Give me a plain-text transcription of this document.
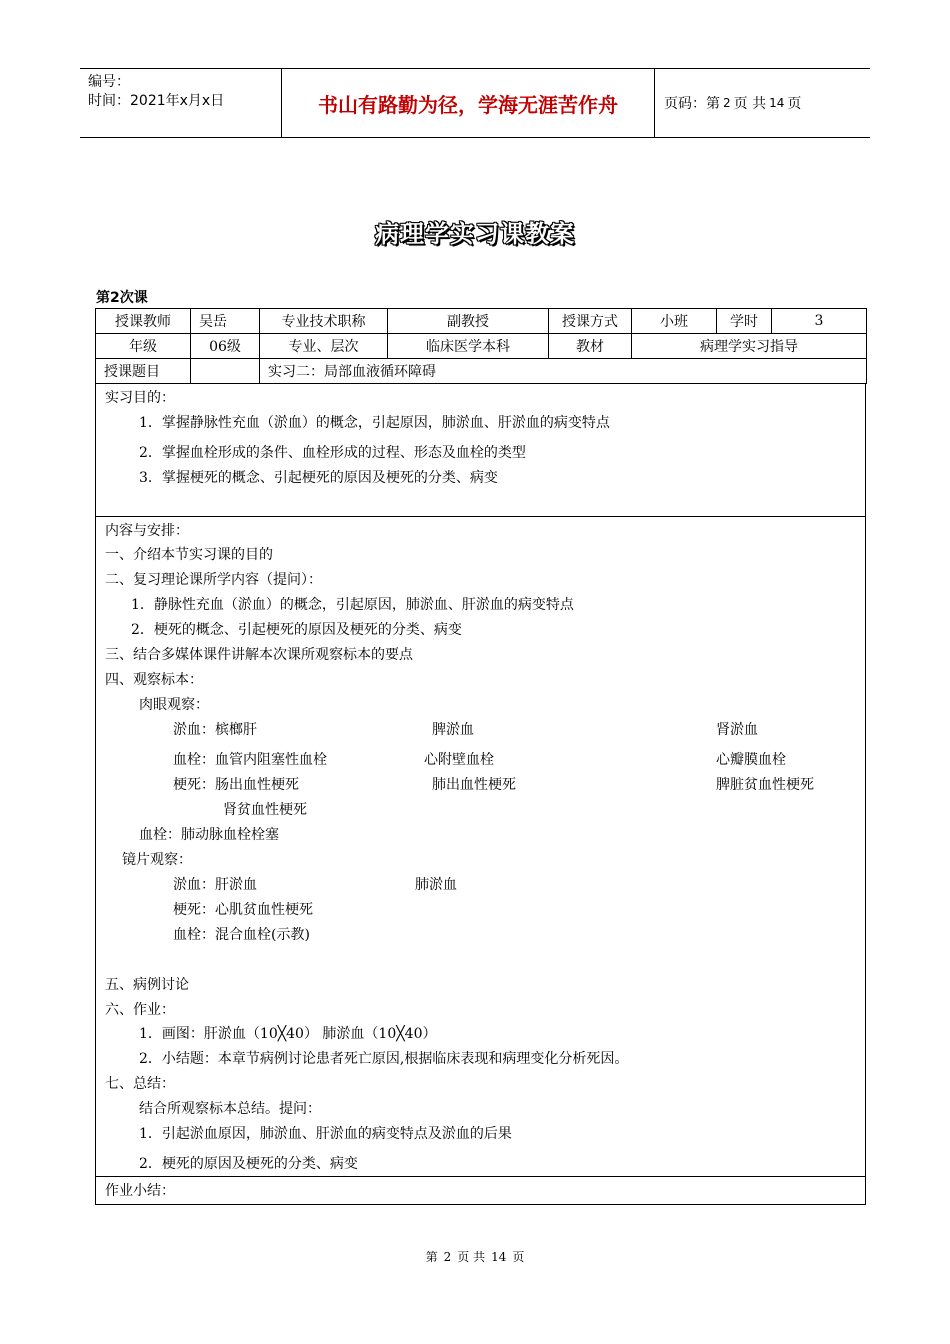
编号：
时间：2021年x月x日	书山有路勤为径，学海无涯苦作舟	页码：第 2 页 共 14 页
病理学实习课教案
第2次课
授课教师	吴岳	专业技术职称	副教授	授课方式	小班	学时	3
年级	06级	专业、层次	临床医学本科	教材	病理学实习指导		
授课题目		实习二：局部血液循环障碍					
实习目的：
1．掌握静脉性充血（淤血）的概念，引起原因，肺淤血、肝淤血的病变特点
2．掌握血栓形成的条件、血栓形成的过程、形态及血栓的类型
3．掌握梗死的概念、引起梗死的原因及梗死的分类、病变
内容与安排：
一、介绍本节实习课的目的
二、复习理论课所学内容（提问）：
1．静脉性充血（淤血）的概念，引起原因，肺淤血、肝淤血的病变特点
2．梗死的概念、引起梗死的原因及梗死的分类、病变
三、结合多媒体课件讲解本次课所观察标本的要点
四、观察标本：
肉眼观察：
淤血：槟榔肝	脾淤血	肾淤血
血栓：血管内阻塞性血栓	心附壁血栓	心瓣膜血栓
梗死：肠出血性梗死	肺出血性梗死	脾脏贫血性梗死
肾贫血性梗死
血栓：肺动脉血栓栓塞
镜片观察：
淤血：肝淤血	肺淤血
梗死：心肌贫血性梗死
血栓：混合血栓(示教)
五、病例讨论
六、作业：
1．画图：肝淤血（10╳40） 肺淤血（10╳40）
2．小结题：本章节病例讨论患者死亡原因,根据临床表现和病理变化分析死因。
七、总结：
结合所观察标本总结。提问：
1．引起淤血原因，肺淤血、肝淤血的病变特点及淤血的后果
2．梗死的原因及梗死的分类、病变
作业小结：
第 2 页 共 14 页
